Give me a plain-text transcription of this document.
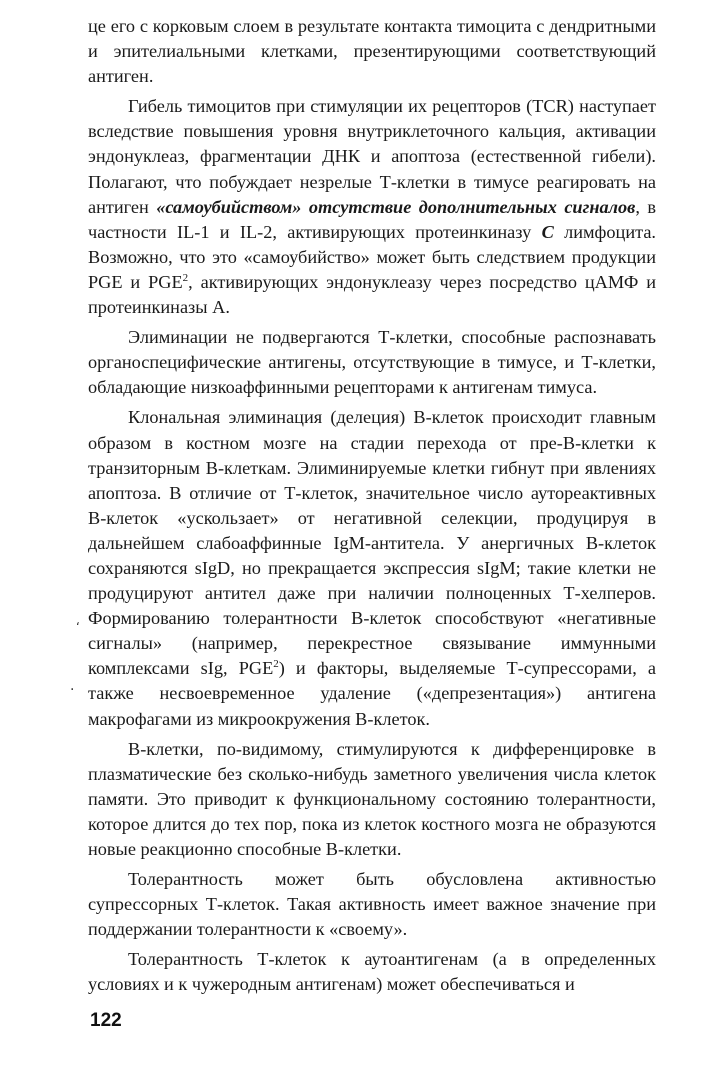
це его с корковым слоем в результате контакта тимоцита с дендритными и эпителиальными клетками, презентирующими соответствующий антиген.

Гибель тимоцитов при стимуляции их рецепторов (TCR) наступает вследствие повышения уровня внутриклеточного кальция, активации эндонуклеаз, фрагментации ДНК и апоптоза (естественной гибели). Полагают, что побуждает незрелые Т-клетки в тимусе реагировать на антиген «самоубийством» отсутствие дополнительных сигналов, в частности IL-1 и IL-2, активирующих протеинкиназу С лимфоцита. Возможно, что это «самоубийство» может быть следствием продукции PGE и PGE$^2$, активирующих эндонуклеазу через посредство цАМФ и протеинкиназы А.

Элиминации не подвергаются Т-клетки, способные распознавать органоспецифические антигены, отсутствующие в тимусе, и Т-клетки, обладающие низкоаффинными рецепторами к антигенам тимуса.

Клональная элиминация (делеция) В-клеток происходит главным образом в костном мозге на стадии перехода от пре-В-клетки к транзиторным В-клеткам. Элиминируемые клетки гибнут при явлениях апоптоза. В отличие от Т-клеток, значительное число аутореактивных В-клеток «ускользает» от негативной селекции, продуцируя в дальнейшем слабоаффинные IgM-антитела. У анергичных В-клеток сохраняются sIgD, но прекращается экспрессия sIgM; такие клетки не продуцируют антител даже при наличии полноценных Т-хелперов. Формированию толерантности В-клеток способствуют «негативные сигналы» (например, перекрестное связывание иммунными комплексами sIg, PGE$^2$) и факторы, выделяемые Т-супрессорами, а также несвоевременное удаление («депрезентация») антигена макрофагами из микроокружения В-клеток.

В-клетки, по-видимому, стимулируются к дифференцировке в плазматические без сколько-нибудь заметного увеличения числа клеток памяти. Это приводит к функциональному состоянию толерантности, которое длится до тех пор, пока из клеток костного мозга не образуются новые реакционно способные В-клетки.

Толерантность может быть обусловлена активностью супрессорных Т-клеток. Такая активность имеет важное значение при поддержании толерантности к «своему».

Толерантность Т-клеток к аутоантигенам (а в определенных условиях и к чужеродным антигенам) может обеспечиваться и

122
‘
·
